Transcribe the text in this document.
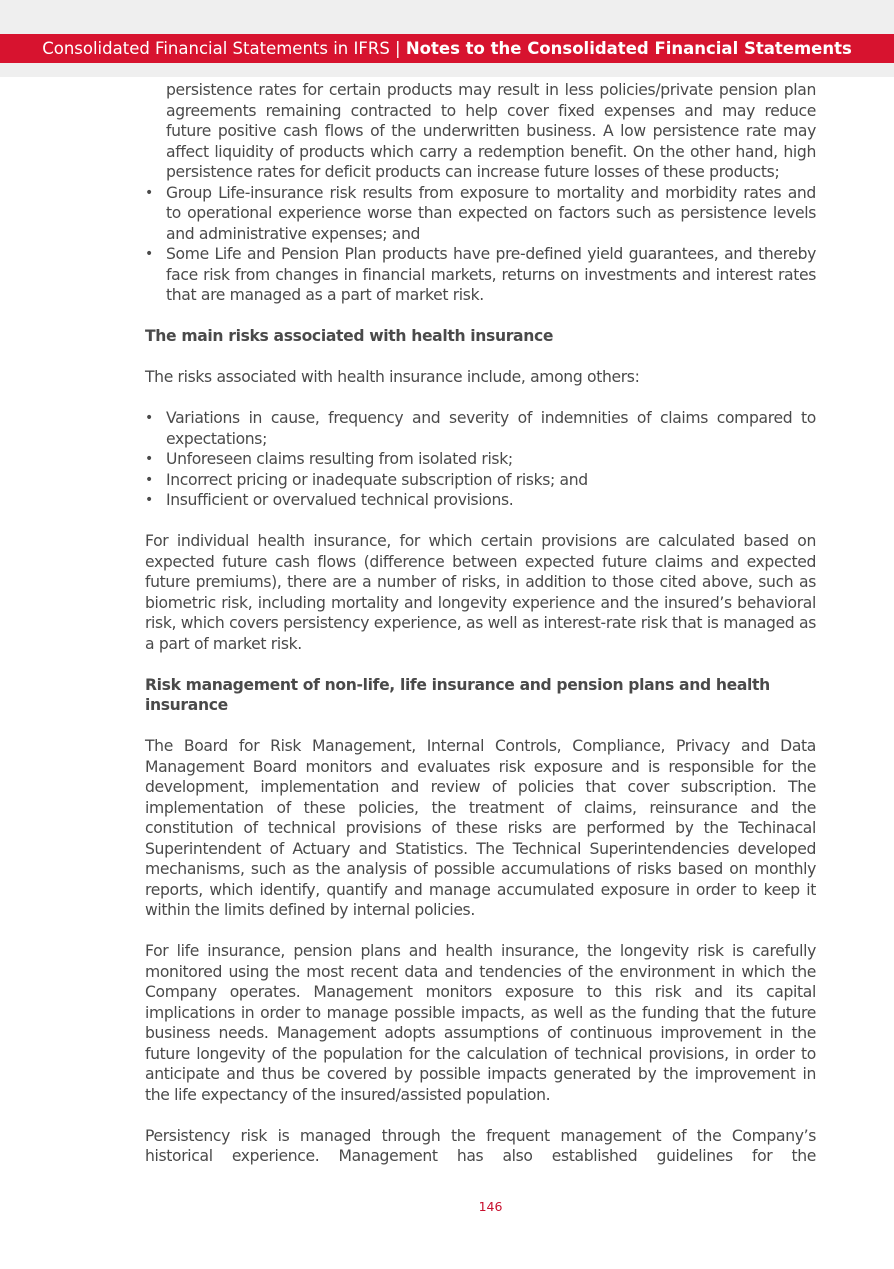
Consolidated Financial Statements in IFRS | Notes to the Consolidated Financial Statements

persistence rates for certain products may result in less policies/private pension plan agreements remaining contracted to help cover fixed expenses and may reduce future positive cash flows of the underwritten business. A low persistence rate may affect liquidity of products which carry a redemption benefit. On the other hand, high persistence rates for deficit products can increase future losses of these products;

• Group Life-insurance risk results from exposure to mortality and morbidity rates and to operational experience worse than expected on factors such as persistence levels and administrative expenses; and
• Some Life and Pension Plan products have pre-defined yield guarantees, and thereby face risk from changes in financial markets, returns on investments and interest rates that are managed as a part of market risk.
The main risks associated with health insurance

The risks associated with health insurance include, among others:

• Variations in cause, frequency and severity of indemnities of claims compared to expectations;
• Unforeseen claims resulting from isolated risk;
• Incorrect pricing or inadequate subscription of risks; and
• Insufficient or overvalued technical provisions.

For individual health insurance, for which certain provisions are calculated based on expected future cash flows (difference between expected future claims and expected future premiums), there are a number of risks, in addition to those cited above, such as biometric risk, including mortality and longevity experience and the insured’s behavioral risk, which covers persistency experience, as well as interest-rate risk that is managed as a part of market risk.

Risk management of non-life, life insurance and pension plans and health insurance

The Board for Risk Management, Internal Controls, Compliance, Privacy and Data Management Board monitors and evaluates risk exposure and is responsible for the development, implementation and review of policies that cover subscription. The implementation of these policies, the treatment of claims, reinsurance and the constitution of technical provisions of these risks are performed by the Techinacal Superintendent of Actuary and Statistics. The Technical Superintendencies developed mechanisms, such as the analysis of possible accumulations of risks based on monthly reports, which identify, quantify and manage accumulated exposure in order to keep it within the limits defined by internal policies.

For life insurance, pension plans and health insurance, the longevity risk is carefully monitored using the most recent data and tendencies of the environment in which the Company operates. Management monitors exposure to this risk and its capital implications in order to manage possible impacts, as well as the funding that the future business needs. Management adopts assumptions of continuous improvement in the future longevity of the population for the calculation of technical provisions, in order to anticipate and thus be covered by possible impacts generated by the improvement in the life expectancy of the insured/assisted population.

Persistency risk is managed through the frequent management of the Company’s historical experience. Management has also established guidelines for the

146
